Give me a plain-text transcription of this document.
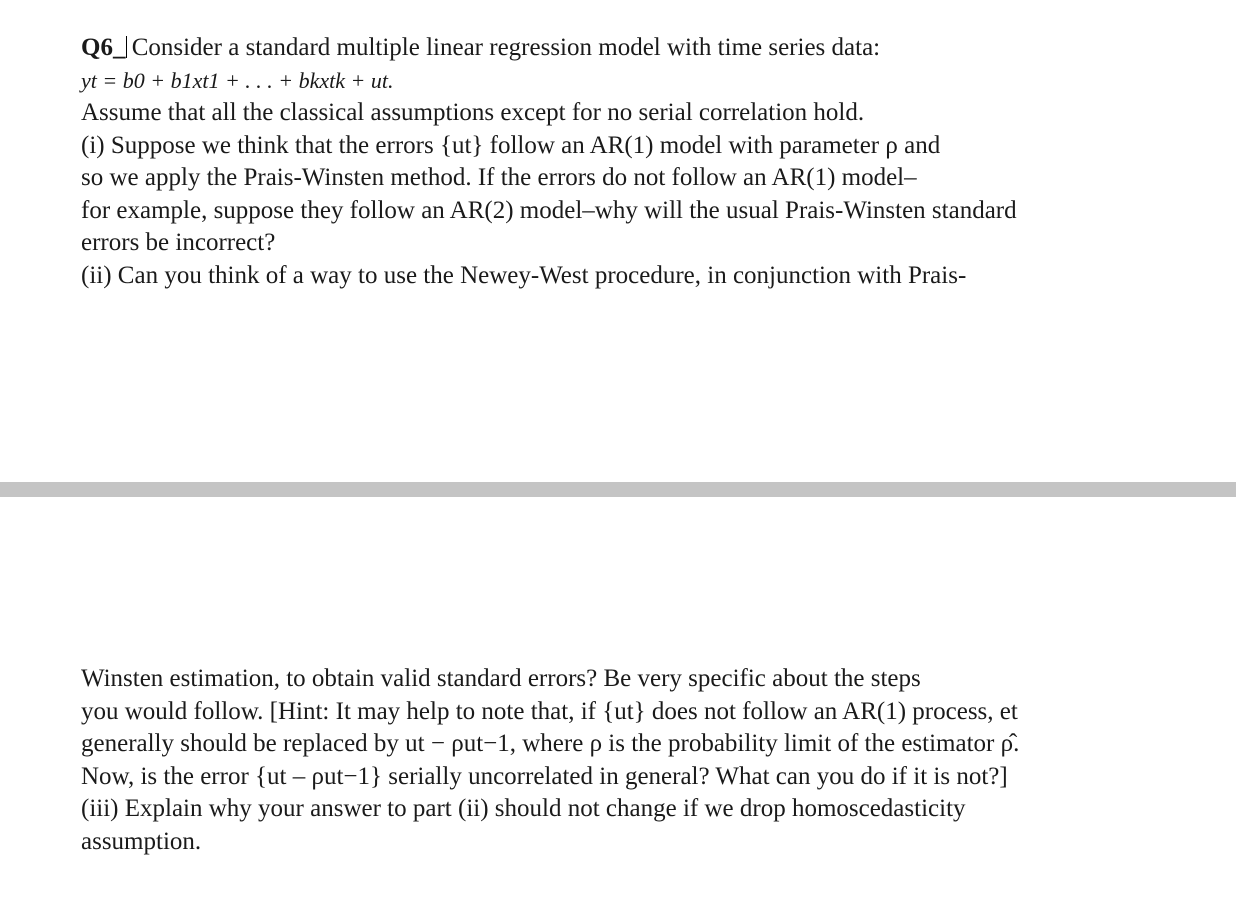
Q6_ Consider a standard multiple linear regression model with time series data:
yt = b0 + b1xt1 + . . . + bkxtk + ut.
Assume that all the classical assumptions except for no serial correlation hold.
(i) Suppose we think that the errors {ut} follow an AR(1) model with parameter ρ and
so we apply the Prais-Winsten method. If the errors do not follow an AR(1) model–
for example, suppose they follow an AR(2) model–why will the usual Prais-Winsten standard
errors be incorrect?
(ii) Can you think of a way to use the Newey-West procedure, in conjunction with Prais-
Winsten estimation, to obtain valid standard errors? Be very specific about the steps
you would follow. [Hint: It may help to note that, if {ut} does not follow an AR(1) process, et
generally should be replaced by ut − ρut−1, where ρ is the probability limit of the estimator ρ̂.
Now, is the error {ut – ρut−1} serially uncorrelated in general? What can you do if it is not?]
(iii) Explain why your answer to part (ii) should not change if we drop homoscedasticity
assumption.
